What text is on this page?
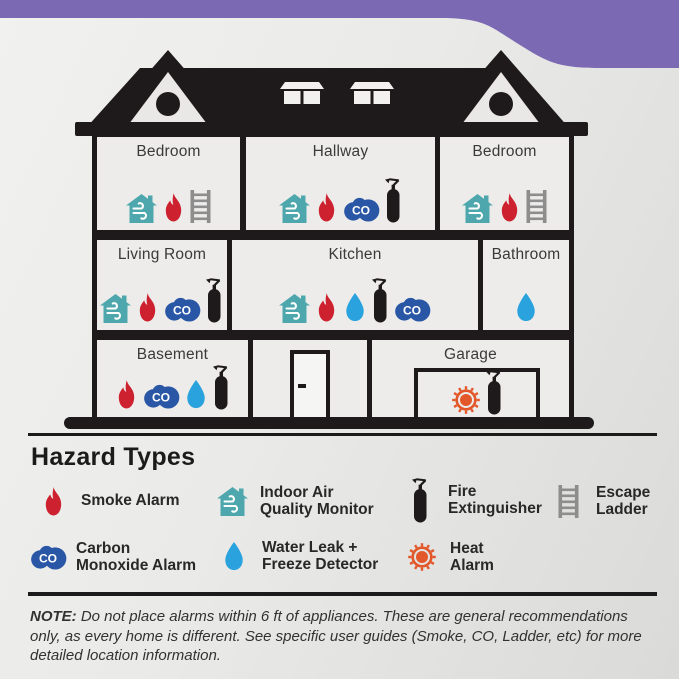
Bedroom	Hallway
CO
Bedroom
Living Room
CO
Kitchen
CO
Bathroom
Basement
CO
Garage
Hazard Types
Smoke Alarm
Indoor Air
Quality Monitor
Fire
Extinguisher
Escape
Ladder
CO
Carbon
Monoxide Alarm
Water Leak +
Freeze Detector
Heat
Alarm
NOTE: Do not place alarms within 6 ft of appliances. These are general recommendations
only, as every home is different. See specific user guides (Smoke, CO, Ladder, etc) for more
detailed location information.
